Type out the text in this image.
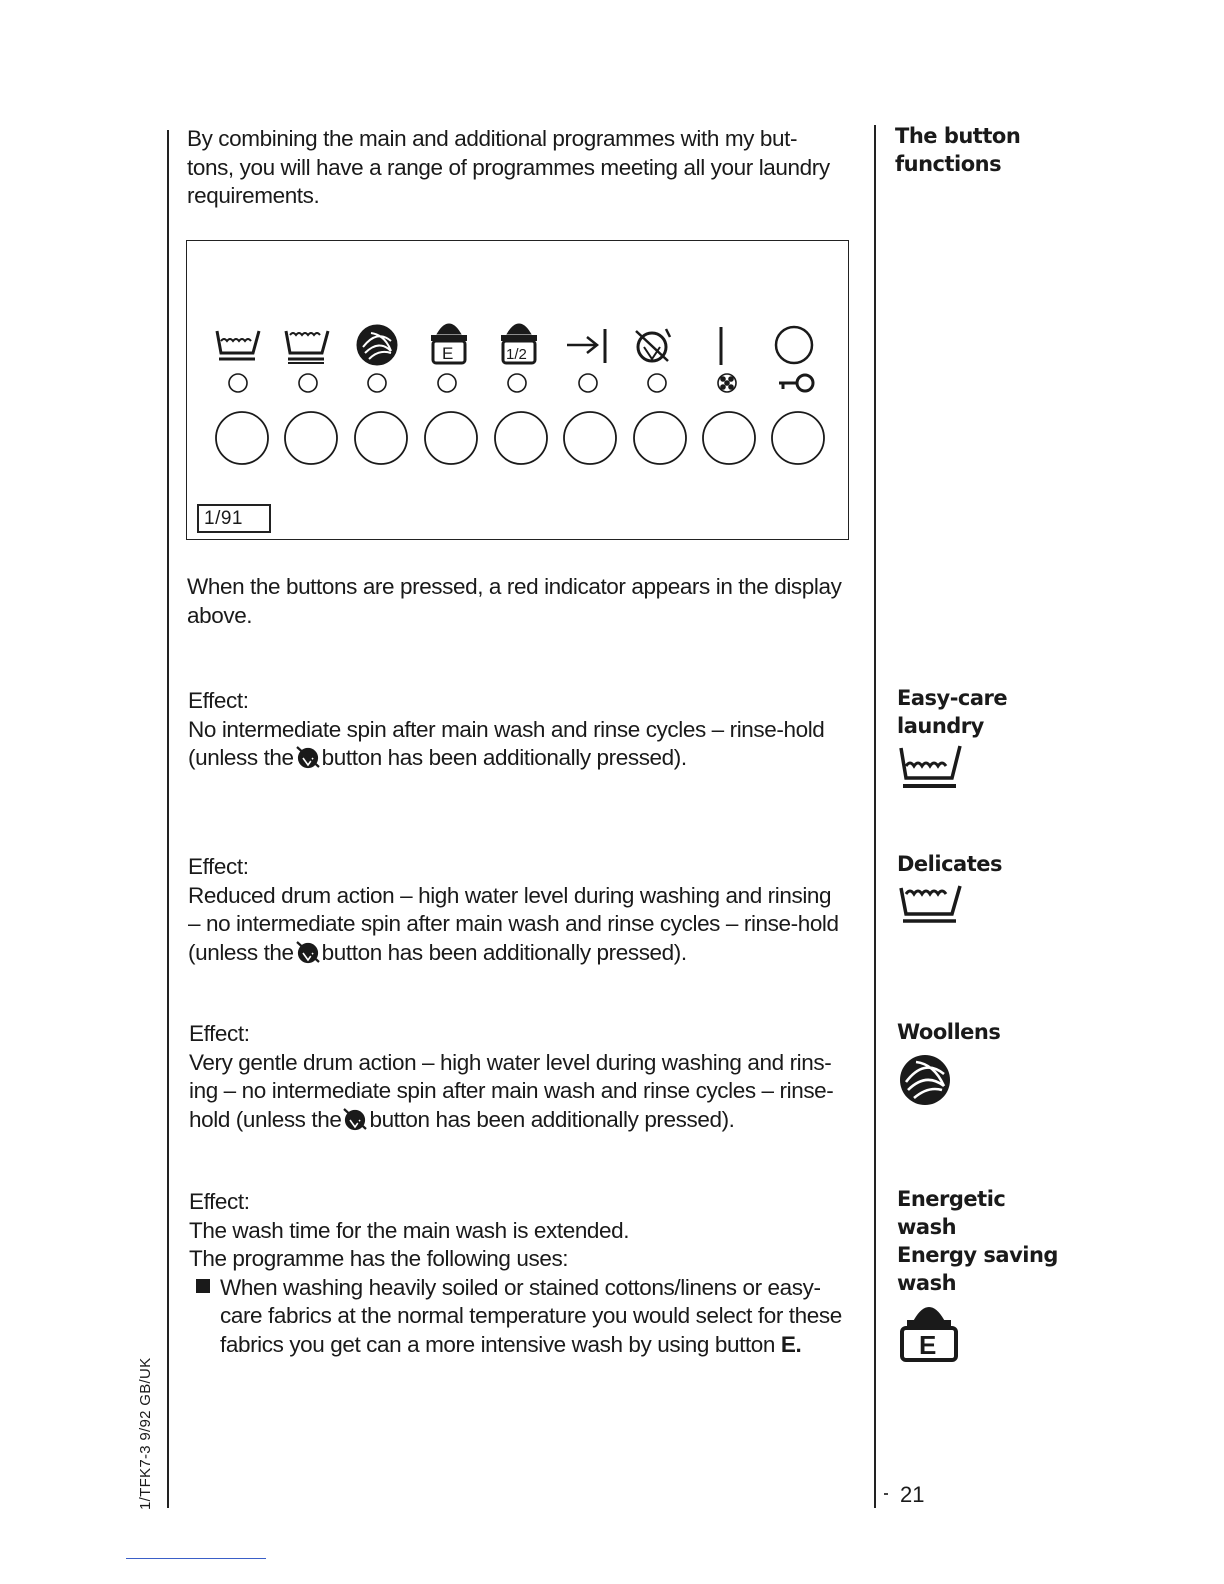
By combining the main and additional programmes with my but-
tons, you will have a range of programmes meeting all your laundry
requirements.
The button
functions
E	1/2
1/91
When the buttons are pressed, a red indicator appears in the display
above.
Easy-care
laundry
Effect:
No intermediate spin after main wash and rinse cycles – rinse-hold
(unless the button has been additionally pressed).
Delicates
Effect:
Reduced drum action – high water level during washing and rinsing
– no intermediate spin after main wash and rinse cycles – rinse-hold
(unless the button has been additionally pressed).
Woollens
Effect:
Very gentle drum action – high water level during washing and rins-
ing – no intermediate spin after main wash and rinse cycles – rinse-
hold (unless the button has been additionally pressed).
Energetic
wash
Energy saving
wash
E
Effect:
The wash time for the main wash is extended.
The programme has the following uses:
When washing heavily soiled or stained cottons/linens or easy-
care fabrics at the normal temperature you would select for these
fabrics you get can a more intensive wash by using button E.
1/TFK7-3 9/92 GB/UK	21
